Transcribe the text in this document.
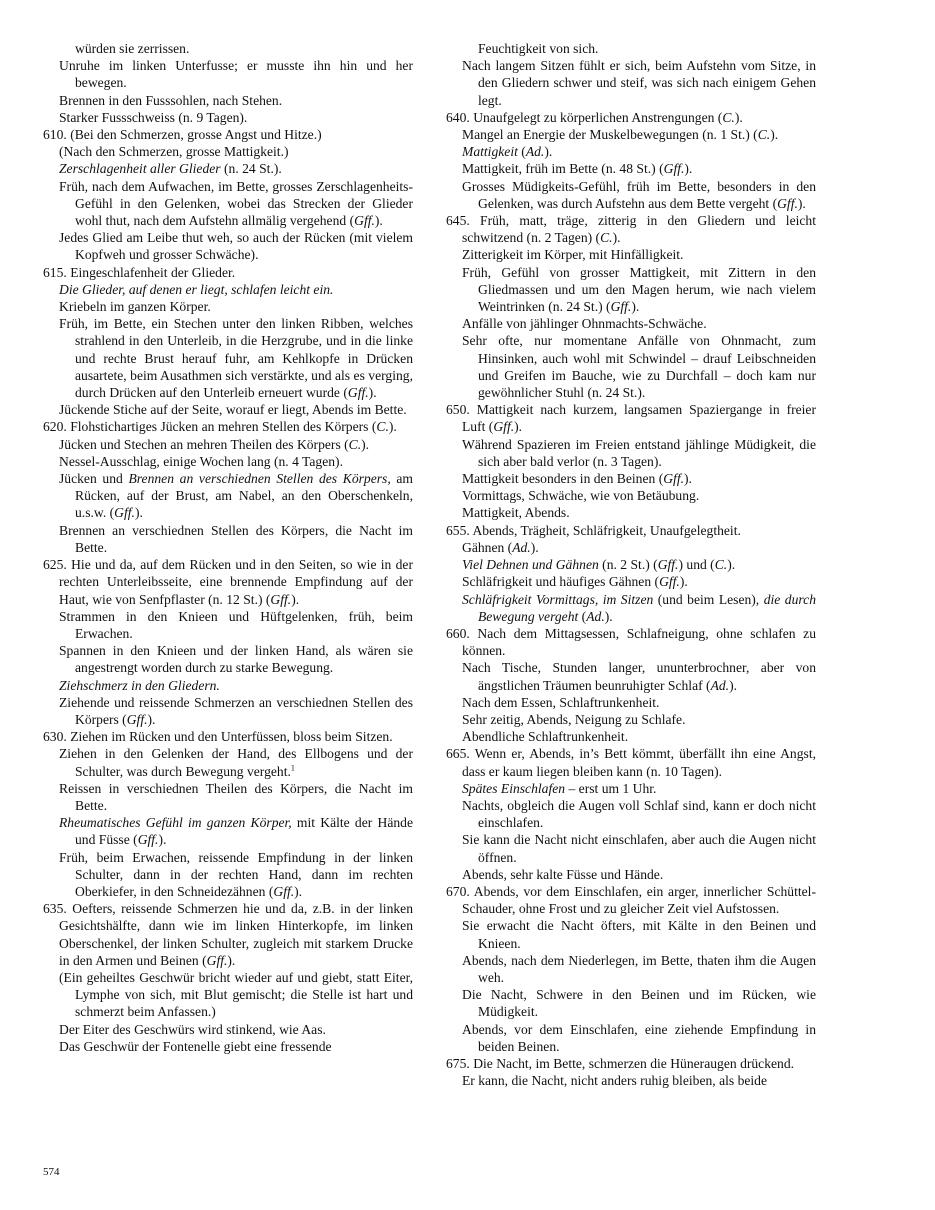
würden sie zerrissen.
Unruhe im linken Unterfusse; er musste ihn hin und her bewegen.
Brennen in den Fusssohlen, nach Stehen.
Starker Fussschweiss (n. 9 Tagen).
610. (Bei den Schmerzen, grosse Angst und Hitze.)
(Nach den Schmerzen, grosse Mattigkeit.)
Zerschlagenheit aller Glieder (n. 24 St.).
Früh, nach dem Aufwachen, im Bette, grosses Zerschlagenheits-Gefühl in den Gelenken, wobei das Strecken der Glieder wohl thut, nach dem Aufstehn allmälig vergehend (Gff.).
Jedes Glied am Leibe thut weh, so auch der Rücken (mit vielem Kopfweh und grosser Schwäche).
615. Eingeschlafenheit der Glieder.
Die Glieder, auf denen er liegt, schlafen leicht ein.
Kriebeln im ganzen Körper.
Früh, im Bette, ein Stechen unter den linken Ribben, welches strahlend in den Unterleib, in die Herzgrube, und in die linke und rechte Brust herauf fuhr, am Kehlkopfe in Drücken ausartete, beim Ausathmen sich verstärkte, und als es verging, durch Drücken auf den Unterleib erneuert wurde (Gff.).
Jückende Stiche auf der Seite, worauf er liegt, Abends im Bette.
620. Flohstichartiges Jücken an mehren Stellen des Körpers (C.).
Jücken und Stechen an mehren Theilen des Körpers (C.).
Nessel-Ausschlag, einige Wochen lang (n. 4 Tagen).
Jücken und Brennen an verschiednen Stellen des Körpers, am Rücken, auf der Brust, am Nabel, an den Oberschenkeln, u.s.w. (Gff.).
Brennen an verschiednen Stellen des Körpers, die Nacht im Bette.
625. Hie und da, auf dem Rücken und in den Seiten, so wie in der rechten Unterleibsseite, eine brennende Empfindung auf der Haut, wie von Senfpflaster (n. 12 St.) (Gff.).
Strammen in den Knieen und Hüftgelenken, früh, beim Erwachen.
Spannen in den Knieen und der linken Hand, als wären sie angestrengt worden durch zu starke Bewegung.
Ziehschmerz in den Gliedern.
Ziehende und reissende Schmerzen an verschiednen Stellen des Körpers (Gff.).
630. Ziehen im Rücken und den Unterfüssen, bloss beim Sitzen.
Ziehen in den Gelenken der Hand, des Ellbogens und der Schulter, was durch Bewegung vergeht.$^1$
Reissen in verschiednen Theilen des Körpers, die Nacht im Bette.
Rheumatisches Gefühl im ganzen Körper, mit Kälte der Hände und Füsse (Gff.).
Früh, beim Erwachen, reissende Empfindung in der linken Schulter, dann in der rechten Hand, dann im rechten Oberkiefer, in den Schneidezähnen (Gff.).
635. Oefters, reissende Schmerzen hie und da, z.B. in der linken Gesichtshälfte, dann wie im linken Hinterkopfe, im linken Oberschenkel, der linken Schulter, zugleich mit starkem Drucke in den Armen und Beinen (Gff.).
(Ein geheiltes Geschwür bricht wieder auf und giebt, statt Eiter, Lymphe von sich, mit Blut gemischt; die Stelle ist hart und schmerzt beim Anfassen.)
Der Eiter des Geschwürs wird stinkend, wie Aas.
Das Geschwür der Fontenelle giebt eine fressende
Feuchtigkeit von sich.
Nach langem Sitzen fühlt er sich, beim Aufstehn vom Sitze, in den Gliedern schwer und steif, was sich nach einigem Gehen legt.
640. Unaufgelegt zu körperlichen Anstrengungen (C.).
Mangel an Energie der Muskelbewegungen (n. 1 St.) (C.).
Mattigkeit (Ad.).
Mattigkeit, früh im Bette (n. 48 St.) (Gff.).
Grosses Müdigkeits-Gefühl, früh im Bette, besonders in den Gelenken, was durch Aufstehn aus dem Bette vergeht (Gff.).
645. Früh, matt, träge, zitterig in den Gliedern und leicht schwitzend (n. 2 Tagen) (C.).
Zitterigkeit im Körper, mit Hinfälligkeit.
Früh, Gefühl von grosser Mattigkeit, mit Zittern in den Gliedmassen und um den Magen herum, wie nach vielem Weintrinken (n. 24 St.) (Gff.).
Anfälle von jählinger Ohnmachts-Schwäche.
Sehr ofte, nur momentane Anfälle von Ohnmacht, zum Hinsinken, auch wohl mit Schwindel – drauf Leibschneiden und Greifen im Bauche, wie zu Durchfall – doch kam nur gewöhnlicher Stuhl (n. 24 St.).
650. Mattigkeit nach kurzem, langsamen Spaziergange in freier Luft (Gff.).
Während Spazieren im Freien entstand jählinge Müdigkeit, die sich aber bald verlor (n. 3 Tagen).
Mattigkeit besonders in den Beinen (Gff.).
Vormittags, Schwäche, wie von Betäubung.
Mattigkeit, Abends.
655. Abends, Trägheit, Schläfrigkeit, Unaufgelegtheit.
Gähnen (Ad.).
Viel Dehnen und Gähnen (n. 2 St.) (Gff.) und (C.).
Schläfrigkeit und häufiges Gähnen (Gff.).
Schläfrigkeit Vormittags, im Sitzen (und beim Lesen), die durch Bewegung vergeht (Ad.).
660. Nach dem Mittagsessen, Schlafneigung, ohne schlafen zu können.
Nach Tische, Stunden langer, ununterbrochner, aber von ängstlichen Träumen beunruhigter Schlaf (Ad.).
Nach dem Essen, Schlaftrunkenheit.
Sehr zeitig, Abends, Neigung zu Schlafe.
Abendliche Schlaftrunkenheit.
665. Wenn er, Abends, in’s Bett kömmt, überfällt ihn eine Angst, dass er kaum liegen bleiben kann (n. 10 Tagen).
Spätes Einschlafen – erst um 1 Uhr.
Nachts, obgleich die Augen voll Schlaf sind, kann er doch nicht einschlafen.
Sie kann die Nacht nicht einschlafen, aber auch die Augen nicht öffnen.
Abends, sehr kalte Füsse und Hände.
670. Abends, vor dem Einschlafen, ein arger, innerlicher Schüttel-Schauder, ohne Frost und zu gleicher Zeit viel Aufstossen.
Sie erwacht die Nacht öfters, mit Kälte in den Beinen und Knieen.
Abends, nach dem Niederlegen, im Bette, thaten ihm die Augen weh.
Die Nacht, Schwere in den Beinen und im Rücken, wie Müdigkeit.
Abends, vor dem Einschlafen, eine ziehende Empfindung in beiden Beinen.
675. Die Nacht, im Bette, schmerzen die Hüneraugen drückend.
Er kann, die Nacht, nicht anders ruhig bleiben, als beide
574
